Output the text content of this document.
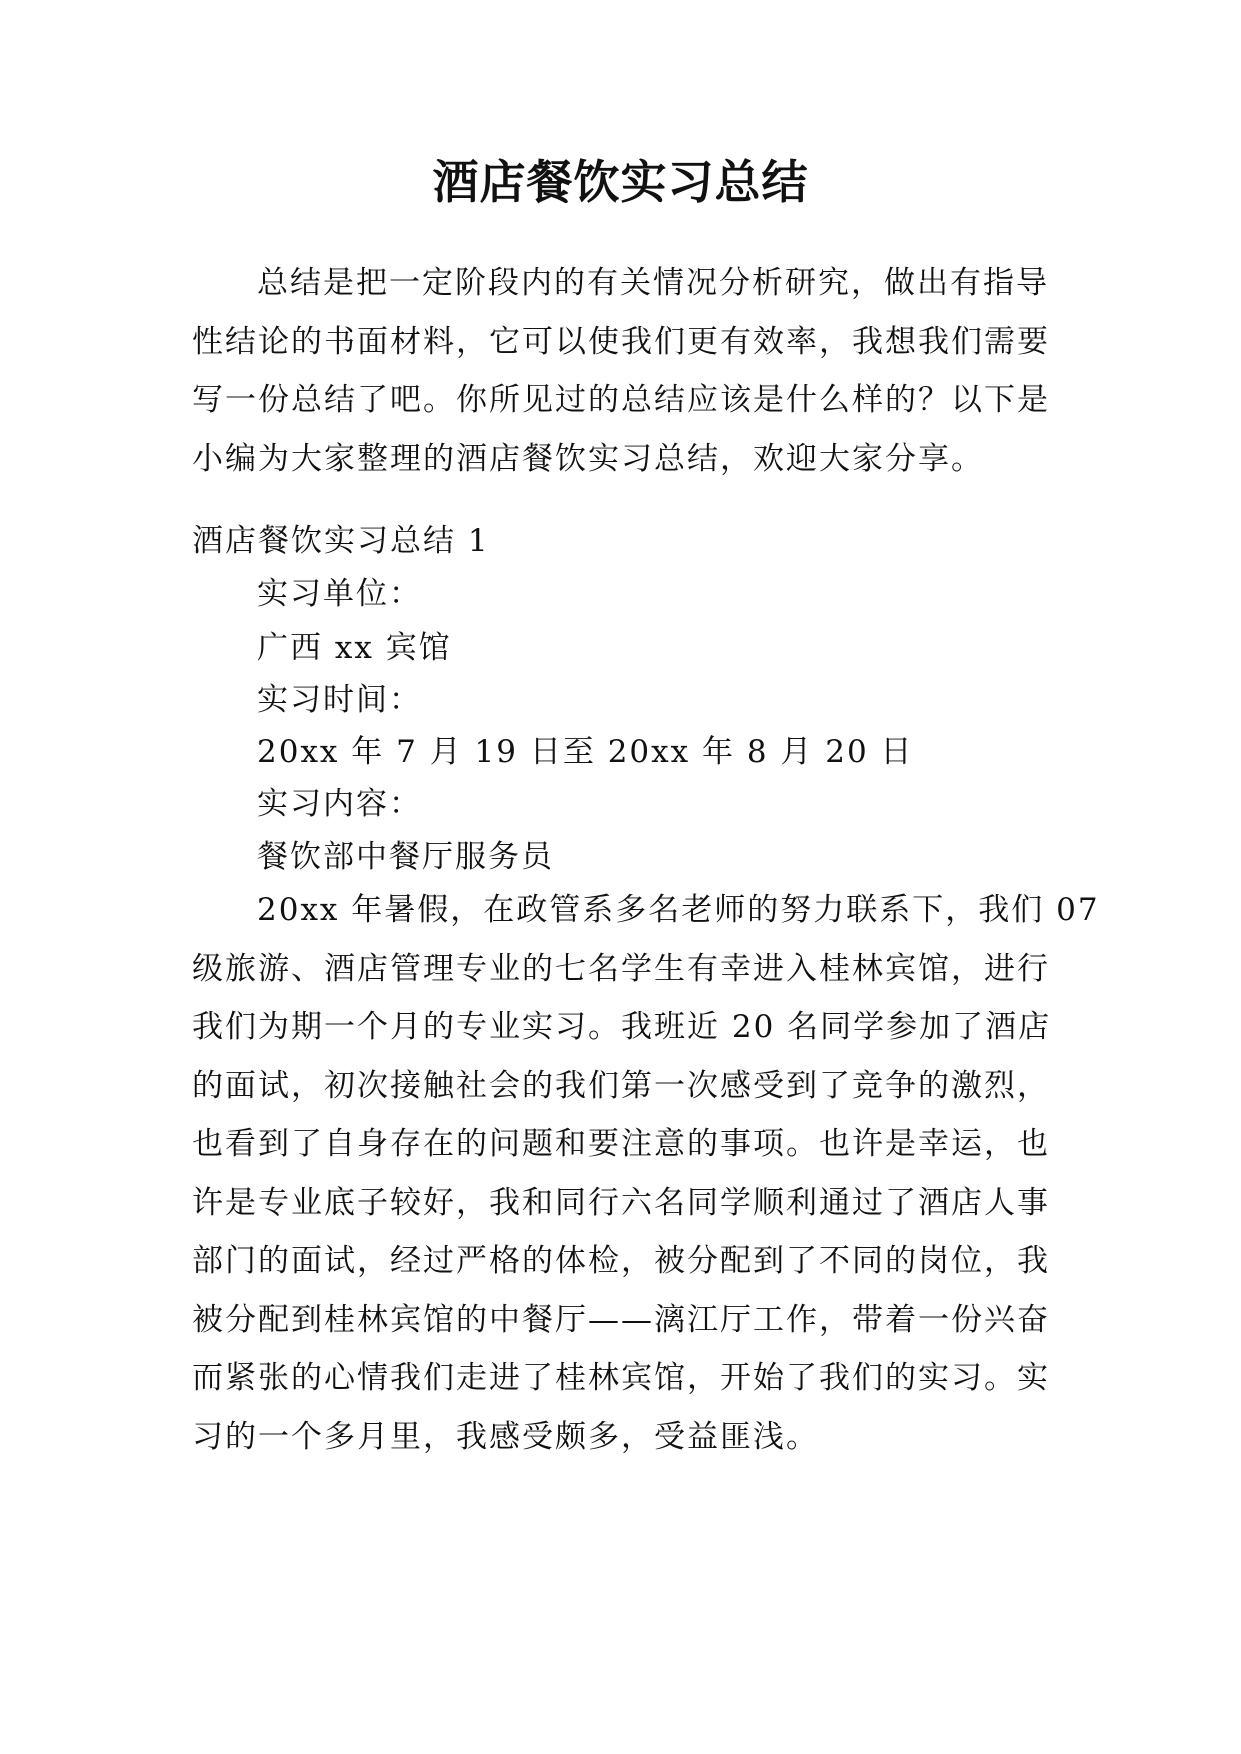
酒店餐饮实习总结
总结是把一定阶段内的有关情况分析研究，做出有指导
性结论的书面材料，它可以使我们更有效率，我想我们需要
写一份总结了吧。你所见过的总结应该是什么样的？以下是
小编为大家整理的酒店餐饮实习总结，欢迎大家分享。

酒店餐饮实习总结 1

实习单位：

广西 xx 宾馆

实习时间：

20xx 年 7 月 19 日至 20xx 年 8 月 20 日

实习内容：

餐饮部中餐厅服务员

20xx 年暑假，在政管系多名老师的努力联系下，我们 07
级旅游、酒店管理专业的七名学生有幸进入桂林宾馆，进行
我们为期一个月的专业实习。我班近 20 名同学参加了酒店
的面试，初次接触社会的我们第一次感受到了竞争的激烈，
也看到了自身存在的问题和要注意的事项。也许是幸运，也
许是专业底子较好，我和同行六名同学顺利通过了酒店人事
部门的面试，经过严格的体检，被分配到了不同的岗位，我
被分配到桂林宾馆的中餐厅——漓江厅工作，带着一份兴奋
而紧张的心情我们走进了桂林宾馆，开始了我们的实习。实
习的一个多月里，我感受颇多，受益匪浅。
